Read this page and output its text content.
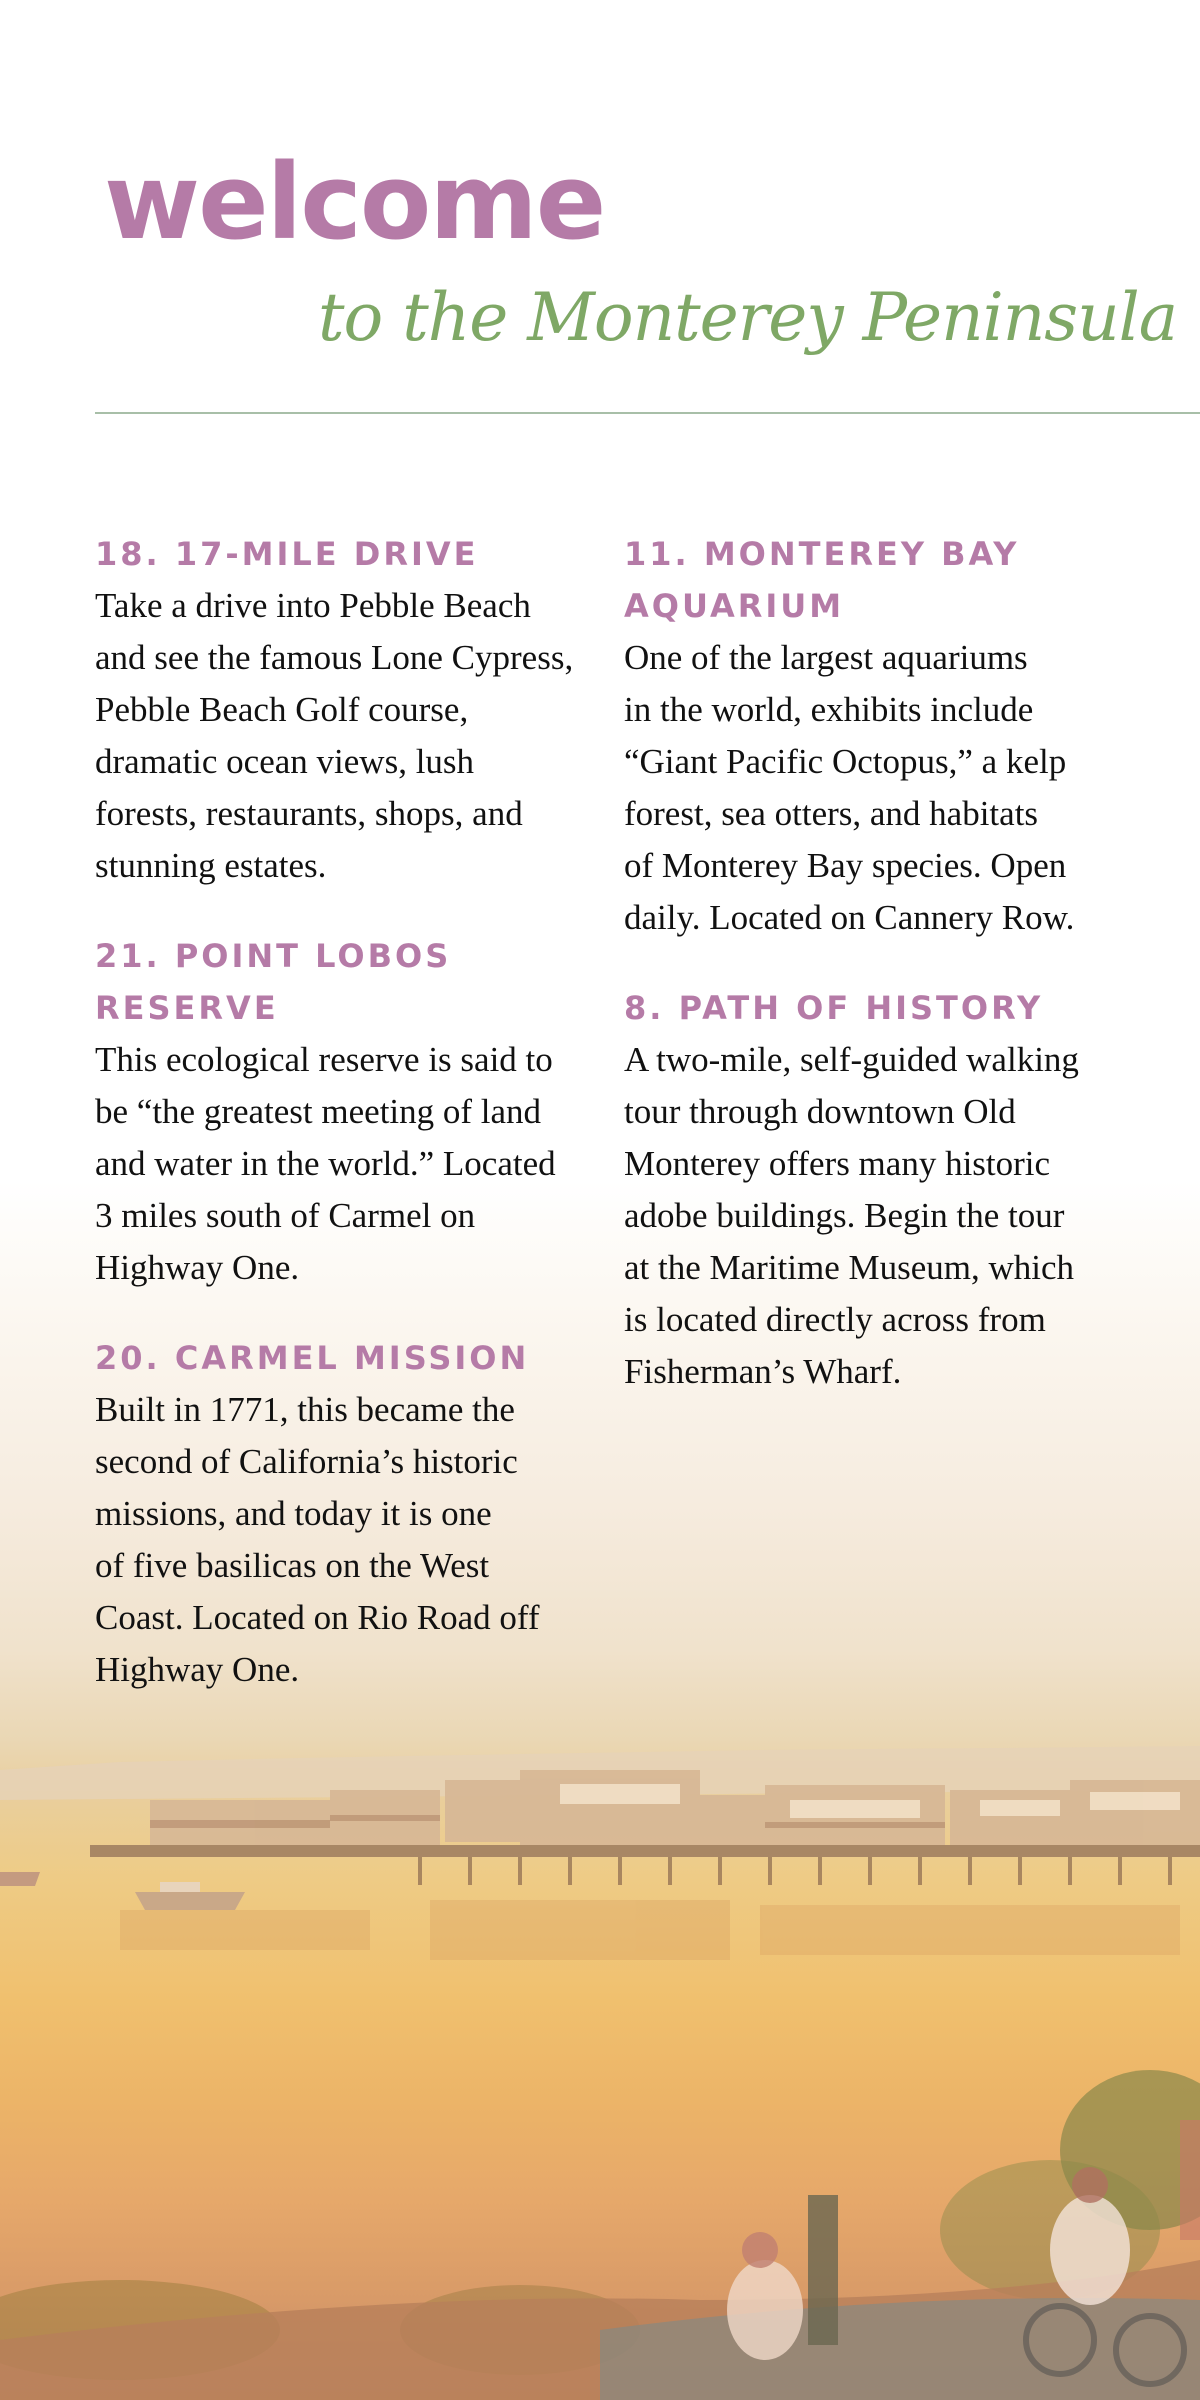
welcome
to the Monterey Peninsula
18. 17-MILE DRIVE
Take a drive into Pebble Beach
and see the famous Lone Cypress,
Pebble Beach Golf course,
dramatic ocean views, lush
forests, restaurants, shops, and
stunning estates.
21. POINT LOBOS
RESERVE
This ecological reserve is said to
be “the greatest meeting of land
and water in the world.” Located
3 miles south of Carmel on
Highway One.
20. CARMEL MISSION
Built in 1771, this became the
second of California’s historic
missions, and today it is one
of five basilicas on the West
Coast. Located on Rio Road off
Highway One.
11. MONTEREY BAY
AQUARIUM
One of the largest aquariums
in the world, exhibits include
“Giant Pacific Octopus,” a kelp
forest, sea otters, and habitats
of Monterey Bay species. Open
daily. Located on Cannery Row.
8. PATH OF HISTORY
A two-mile, self-guided walking
tour through downtown Old
Monterey offers many historic
adobe buildings. Begin the tour
at the Maritime Museum, which
is located directly across from
Fisherman’s Wharf.
